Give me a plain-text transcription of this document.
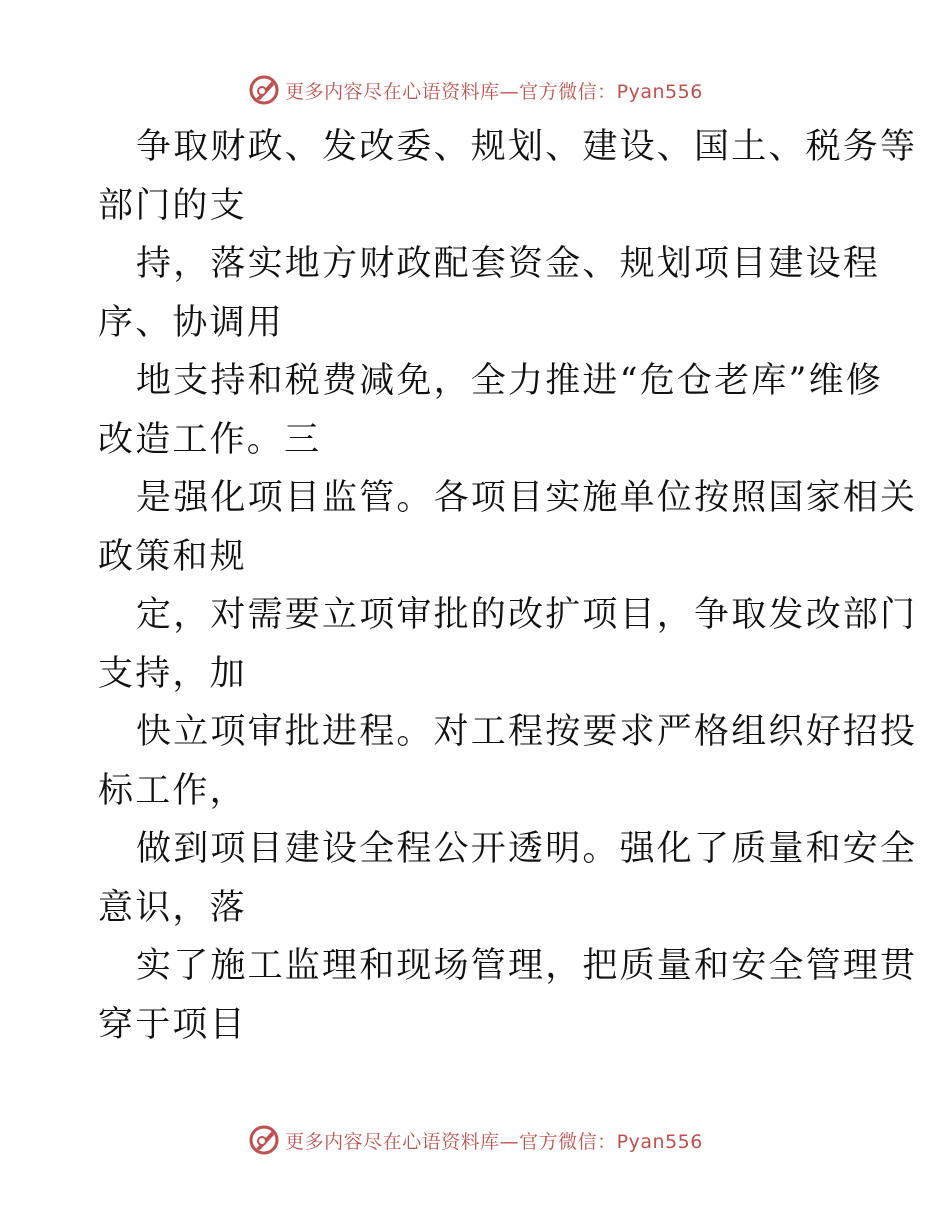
更多内容尽在心语资料库—官方微信：Pyan556
争取财政、发改委、规划、建设、国土、税务等
部门的支
持，落实地方财政配套资金、规划项目建设程
序、协调用
地支持和税费减免，全力推进“危仓老库”维修
改造工作。三
是强化项目监管。各项目实施单位按照国家相关
政策和规
定，对需要立项审批的改扩项目，争取发改部门
支持，加
快立项审批进程。对工程按要求严格组织好招投
标工作，
做到项目建设全程公开透明。强化了质量和安全
意识，落
实了施工监理和现场管理，把质量和安全管理贯
穿于项目
更多内容尽在心语资料库—官方微信：Pyan556
